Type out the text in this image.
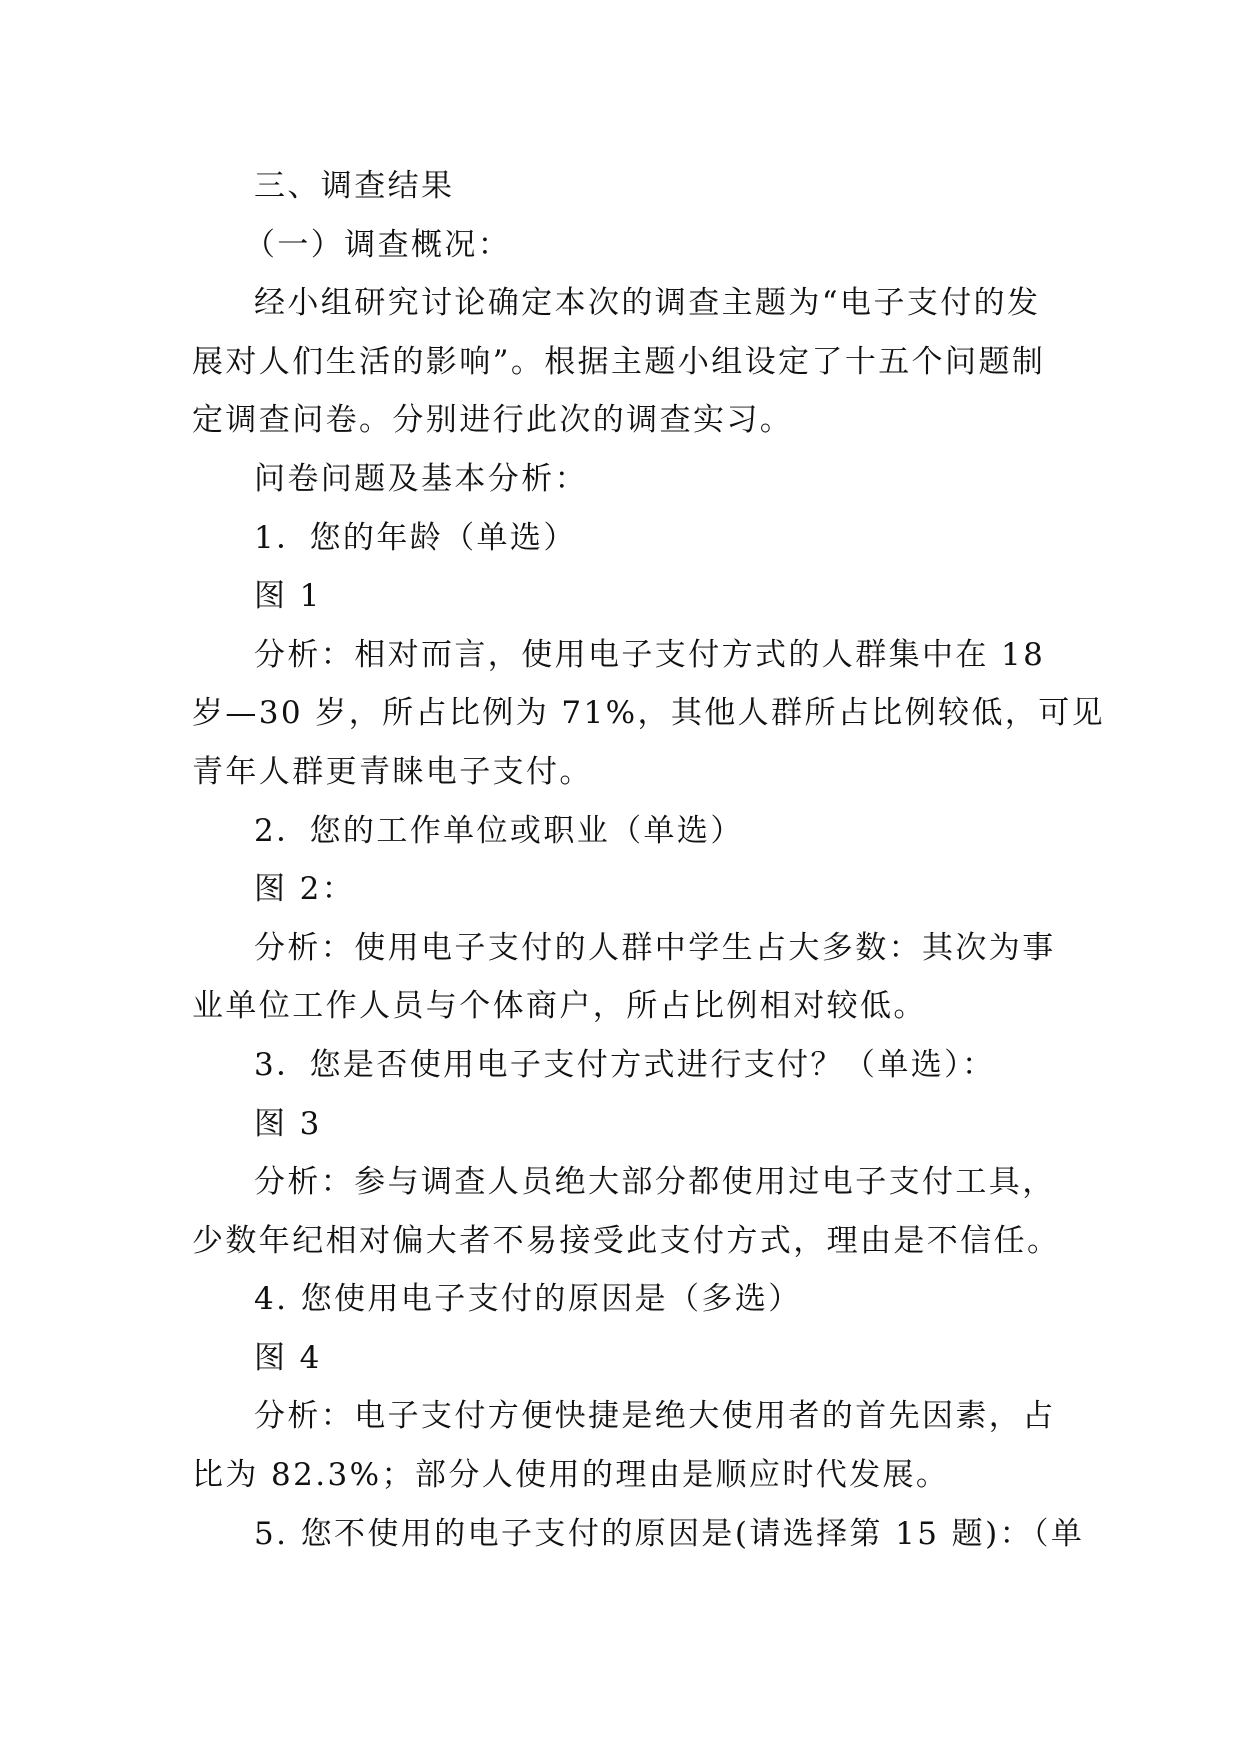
三、调查结果

（一）调查概况：

经小组研究讨论确定本次的调查主题为“电子支付的发

展对人们生活的影响”。根据主题小组设定了十五个问题制

定调查问卷。分别进行此次的调查实习。

问卷问题及基本分析：

1．您的年龄（单选）

图 1

分析：相对而言，使用电子支付方式的人群集中在 18

岁—30 岁，所占比例为 71%，其他人群所占比例较低，可见

青年人群更青睐电子支付。

2．您的工作单位或职业（单选）

图 2：

分析：使用电子支付的人群中学生占大多数：其次为事

业单位工作人员与个体商户，所占比例相对较低。

3．您是否使用电子支付方式进行支付？（单选）：

图 3

分析：参与调查人员绝大部分都使用过电子支付工具，

少数年纪相对偏大者不易接受此支付方式，理由是不信任。

4. 您使用电子支付的原因是（多选）

图 4

分析：电子支付方便快捷是绝大使用者的首先因素，占

比为 82.3%；部分人使用的理由是顺应时代发展。

5. 您不使用的电子支付的原因是(请选择第 15 题)：（单
